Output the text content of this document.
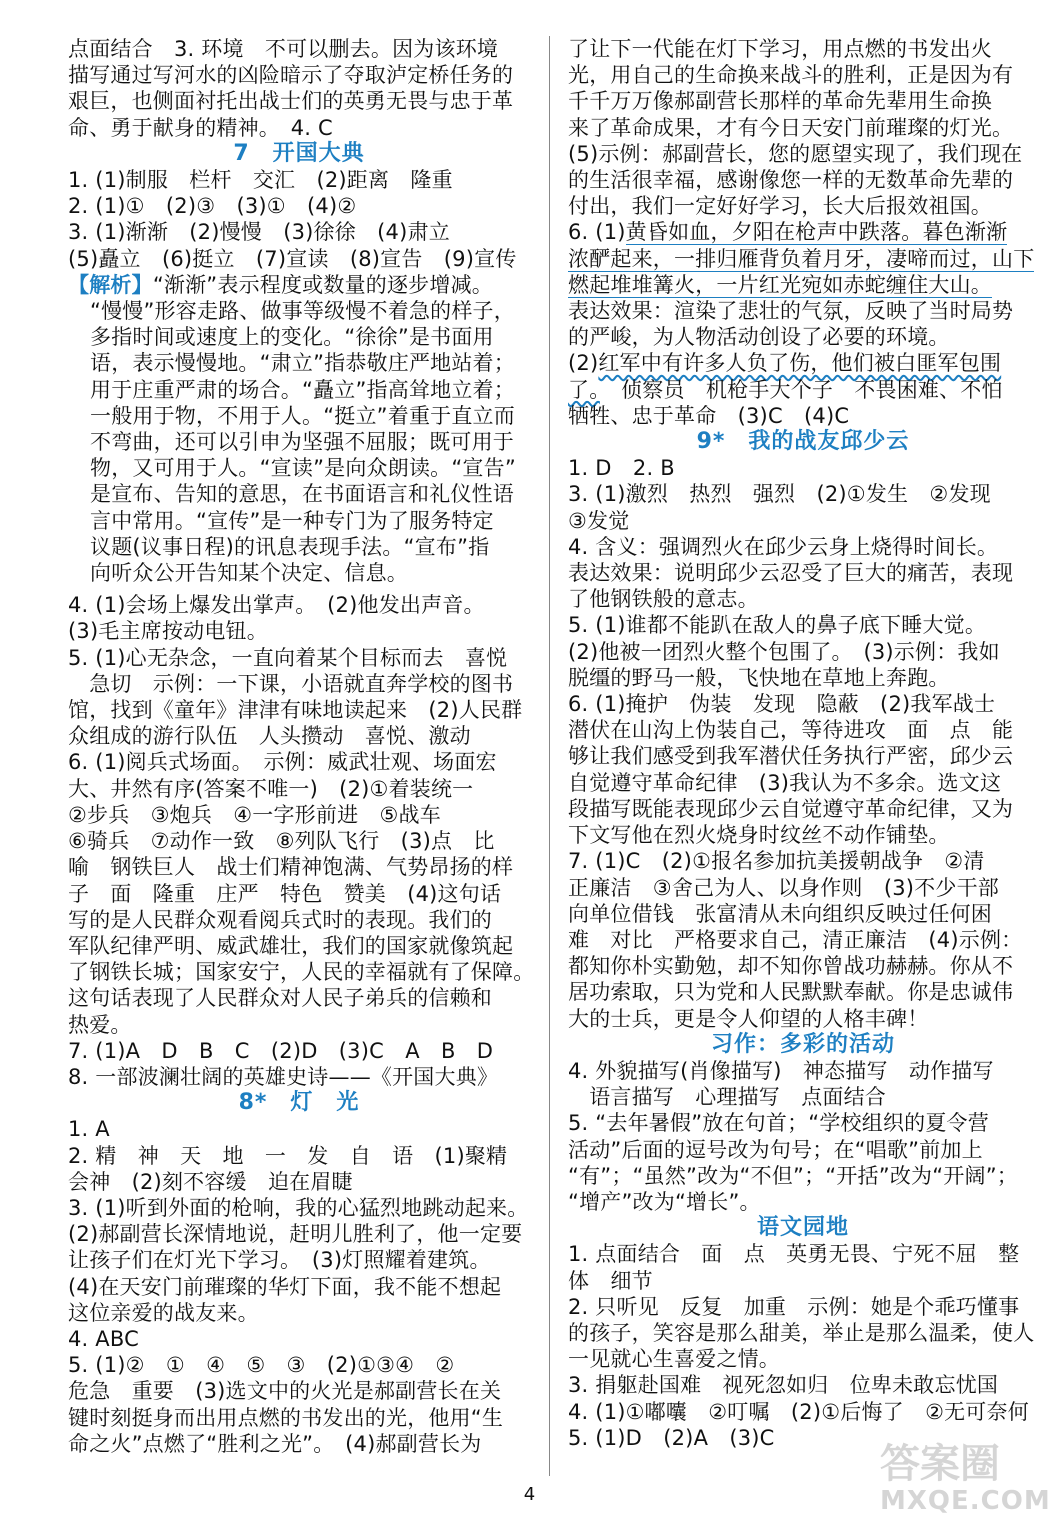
点面结合　3. 环境　不可以删去。因为该环境

描写通过写河水的凶险暗示了夺取泸定桥任务的

艰巨，也侧面衬托出战士们的英勇无畏与忠于革

命、勇于献身的精神。　4. C

7　开国大典

1. (1)制服　栏杆　交汇　(2)距离　隆重

2. (1)①　(2)③　(3)①　(4)②

3. (1)渐渐　(2)慢慢　(3)徐徐　(4)肃立

(5)矗立　(6)挺立　(7)宣读　(8)宣告　(9)宣传

【解析】“渐渐”表示程度或数量的逐步增减。

“慢慢”形容走路、做事等级慢不着急的样子，

多指时间或速度上的变化。“徐徐”是书面用

语，表示慢慢地。“肃立”指恭敬庄严地站着；

用于庄重严肃的场合。“矗立”指高耸地立着；

一般用于物，不用于人。“挺立”着重于直立而

不弯曲，还可以引申为坚强不屈服；既可用于

物，又可用于人。“宣读”是向众朗读。“宣告”

是宣布、告知的意思，在书面语言和礼仪性语

言中常用。“宣传”是一种专门为了服务特定

议题(议事日程)的讯息表现手法。“宣布”指

向听众公开告知某个决定、信息。

4. (1)会场上爆发出掌声。　(2)他发出声音。

(3)毛主席按动电钮。

5. (1)心无杂念，一直向着某个目标而去　喜悦

　急切　示例：一下课，小语就直奔学校的图书

馆，找到《童年》津津有味地读起来　(2)人民群

众组成的游行队伍　人头攒动　喜悦、激动

6. (1)阅兵式场面。　示例：威武壮观、场面宏

大、井然有序(答案不唯一)　(2)①着装统一

②步兵　③炮兵　④一字形前进　⑤战车

⑥骑兵　⑦动作一致　⑧列队飞行　(3)点　比

喻　钢铁巨人　战士们精神饱满、气势昂扬的样

子　面　隆重　庄严　特色　赞美　(4)这句话

写的是人民群众观看阅兵式时的表现。我们的

军队纪律严明、威武雄壮，我们的国家就像筑起

了钢铁长城；国家安宁，人民的幸福就有了保障。

这句话表现了人民群众对人民子弟兵的信赖和

热爱。

7. (1)A　D　B　C　(2)D　(3)C　A　B　D

8. 一部波澜壮阔的英雄史诗——《开国大典》

8*　灯　光

1. A

2. 精　神　天　地　一　发　自　语　(1)聚精

会神　(2)刻不容缓　迫在眉睫

3. (1)听到外面的枪响，我的心猛烈地跳动起来。

(2)郝副营长深情地说，赶明儿胜利了，他一定要

让孩子们在灯光下学习。　(3)灯照耀着建筑。

(4)在天安门前璀璨的华灯下面，我不能不想起

这位亲爱的战友来。

4. ABC

5. (1)②　①　④　⑤　③　(2)①③④　②

危急　重要　(3)选文中的火光是郝副营长在关

键时刻挺身而出用点燃的书发出的光，他用“生

命之火”点燃了“胜利之光”。　(4)郝副营长为

了让下一代能在灯下学习，用点燃的书发出火

光，用自己的生命换来战斗的胜利，正是因为有

千千万万像郝副营长那样的革命先辈用生命换

来了革命成果，才有今日天安门前璀璨的灯光。

(5)示例：郝副营长，您的愿望实现了，我们现在

的生活很幸福，感谢像您一样的无数革命先辈的

付出，我们一定好好学习，长大后报效祖国。

6. (1)黄昏如血，夕阳在枪声中跌落。暮色渐渐

浓酽起来，一排归雁背负着月牙，凄啼而过，山下

燃起堆堆篝火，一片红光宛如赤蛇缠住大山。

表达效果：渲染了悲壮的气氛，反映了当时局势

的严峻，为人物活动创设了必要的环境。

(2)红军中有许多人负了伤，他们被白匪军包围

了。　侦察员　机枪手大个子　不畏困难、不怕

牺牲、忠于革命　(3)C　(4)C

9*　我的战友邱少云

1. D　2. B

3. (1)激烈　热烈　强烈　(2)①发生　②发现

③发觉

4. 含义：强调烈火在邱少云身上烧得时间长。

表达效果：说明邱少云忍受了巨大的痛苦，表现

了他钢铁般的意志。

5. (1)谁都不能趴在敌人的鼻子底下睡大觉。

(2)他被一团烈火整个包围了。　(3)示例：我如

脱缰的野马一般，飞快地在草地上奔跑。

6. (1)掩护　伪装　发现　隐蔽　(2)我军战士

潜伏在山沟上伪装自己，等待进攻　面　点　能

够让我们感受到我军潜伏任务执行严密，邱少云

自觉遵守革命纪律　(3)我认为不多余。选文这

段描写既能表现邱少云自觉遵守革命纪律，又为

下文写他在烈火烧身时纹丝不动作铺垫。

7. (1)C　(2)①报名参加抗美援朝战争　②清

正廉洁　③舍己为人、以身作则　(3)不少干部

向单位借钱　张富清从未向组织反映过任何困

难　对比　严格要求自己，清正廉洁　(4)示例：

都知你朴实勤勉，却不知你曾战功赫赫。你从不

居功索取，只为党和人民默默奉献。你是忠诚伟

大的士兵，更是令人仰望的人格丰碑！

习作：多彩的活动

4. 外貌描写(肖像描写)　神态描写　动作描写

　语言描写　心理描写　点面结合

5. “去年暑假”放在句首；“学校组织的夏令营

活动”后面的逗号改为句号；在“唱歌”前加上

“有”；“虽然”改为“不但”；“开括”改为“开阔”；

“增产”改为“增长”。

语文园地

1. 点面结合　面　点　英勇无畏、宁死不屈　整

体　细节

2. 只听见　反复　加重　示例：她是个乖巧懂事

的孩子，笑容是那么甜美，举止是那么温柔，使人

一见就心生喜爱之情。

3. 捐躯赴国难　视死忽如归　位卑未敢忘忧国

4. (1)①嘟囔　②叮嘱　(2)①后悔了　②无可奈何

5. (1)D　(2)A　(3)C

4
答案圈
MXQE.COM
